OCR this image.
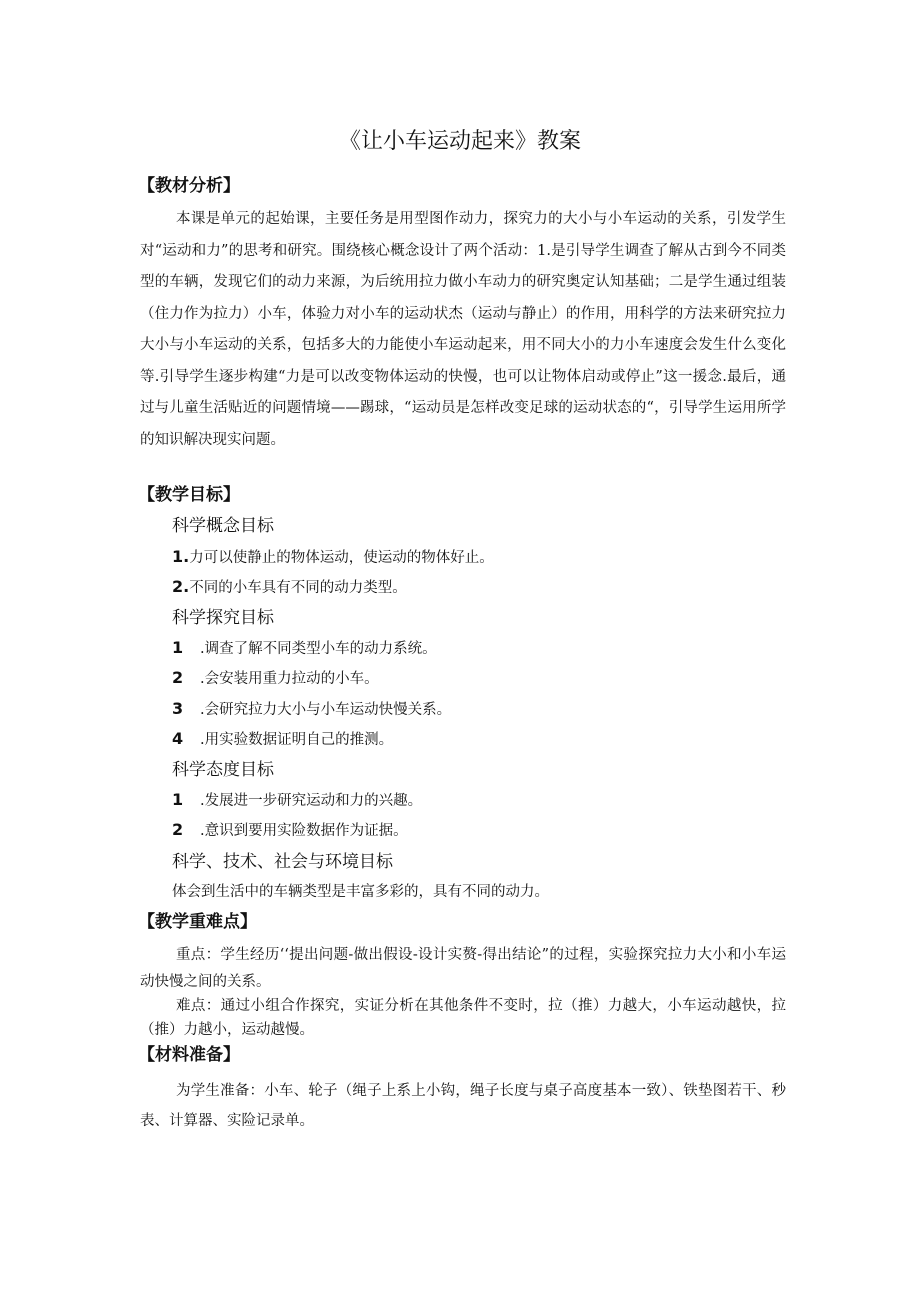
《让小车运动起来》教案
【教材分析】

本课是单元的起始课，主要任务是用型图作动力，探究力的大小与小车运动的关系，引发学生对“运动和力”的思考和研究。围绕核心概念设计了两个活动：1.是引导学生调查了解从古到今不同类型的车辆，发现它们的动力来源，为后统用拉力做小车动力的研究奥定认知基础；二是学生通过组装（住力作为拉力）小车，体验力对小车的运动状杰（运动与静止）的作用，用科学的方法来研究拉力大小与小车运动的关系，包括多大的力能使小车运动起来，用不同大小的力小车速度会发生什么变化等.引导学生逐步构建“力是可以改变物体运动的快慢，也可以让物体启动或停止”这一援念.最后，通过与儿童生活贴近的问题情境——踢球，“运动员是怎样改变足球的运动状态的“，引导学生运用所学的知识解决现实问题。

【教学目标】
科学概念目标
1.力可以使静止的物体运动，使运动的物体好止。
2.不同的小车具有不同的动力类型。
科学探究目标
1 .调查了解不同类型小车的动力系统。
2 .会安装用重力拉动的小车。
3 .会研究拉力大小与小车运动快慢关系。
4 .用实验数据证明自己的推测。
科学态度目标
1 .发展进一步研究运动和力的兴趣。
2 .意识到要用实险数据作为证据。
科学、技术、社会与环境目标
体会到生活中的车辆类型是丰富多彩的，具有不同的动力。
【教学重难点】

重点：学生经历‘‘提出问题-做出假设-设计实赘-得出结论”的过程，实验探究拉力大小和小车运动快慢之间的关系。

难点：通过小组合作探究，实证分析在其他条件不变时，拉（推）力越大，小车运动越快，拉（推）力越小，运动越慢。

【材料准备】

为学生准备：小车、轮子（绳子上系上小钩，绳子长度与桌子高度基本一致）、铁垫图若干、秒表、计算器、实险记录单。
